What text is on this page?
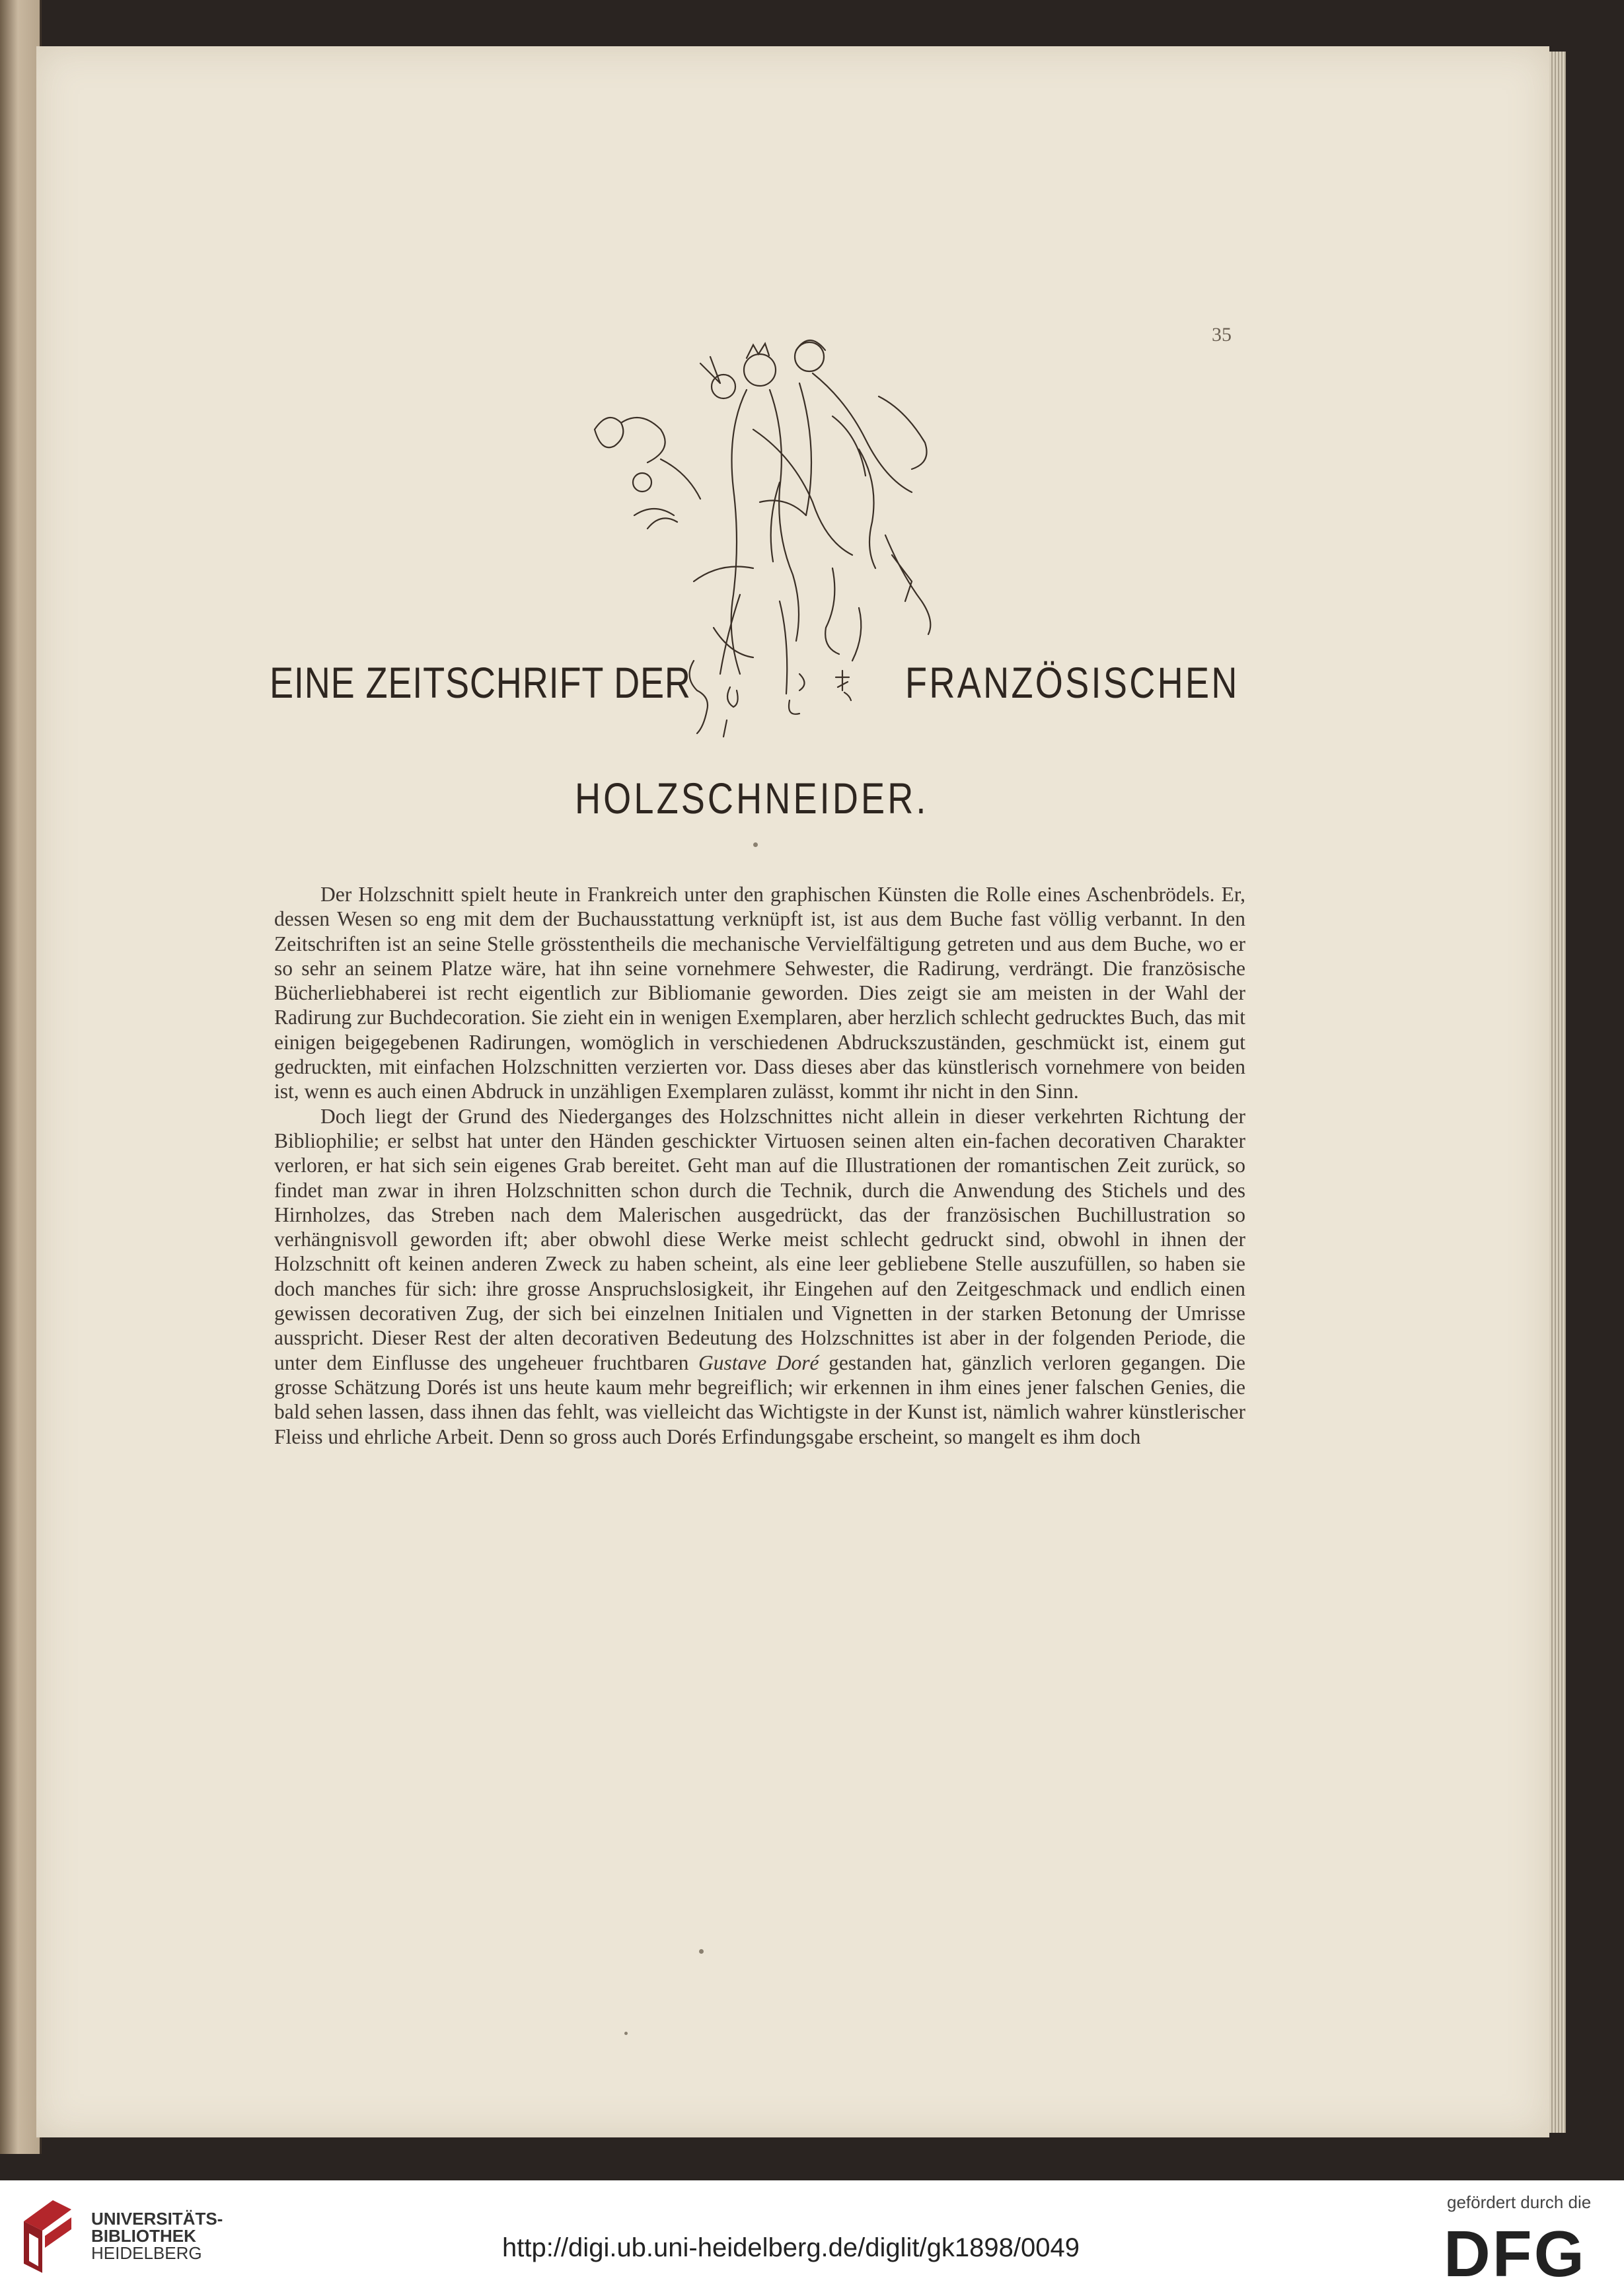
35
EINE ZEITSCHRIFT DER	FRANZÖSISCHEN
HOLZSCHNEIDER.

Der Holzschnitt spielt heute in Frankreich unter den graphischen Künsten die Rolle eines Aschenbrödels. Er, dessen Wesen so eng mit dem der Buchausstattung verknüpft ist, ist aus dem Buche fast völlig verbannt. In den Zeitschriften ist an seine Stelle grösstentheils die mechanische Vervielfältigung getreten und aus dem Buche, wo er so sehr an seinem Platze wäre, hat ihn seine vornehmere Sehwester, die Radirung, verdrängt. Die französische Bücherliebhaberei ist recht eigentlich zur Bibliomanie geworden. Dies zeigt sie am meisten in der Wahl der Radirung zur Buchdecoration. Sie zieht ein in wenigen Exemplaren, aber herzlich schlecht gedrucktes Buch, das mit einigen beigegebenen Radirungen, womöglich in verschiedenen Abdruckszuständen, geschmückt ist, einem gut gedruckten, mit einfachen Holzschnitten verzierten vor. Dass dieses aber das künstlerisch vornehmere von beiden ist, wenn es auch einen Abdruck in unzähligen Exemplaren zulässt, kommt ihr nicht in den Sinn.

Doch liegt der Grund des Niederganges des Holzschnittes nicht allein in dieser verkehrten Richtung der Bibliophilie; er selbst hat unter den Händen geschickter Virtuosen seinen alten ein-fachen decorativen Charakter verloren, er hat sich sein eigenes Grab bereitet. Geht man auf die Illustrationen der romantischen Zeit zurück, so findet man zwar in ihren Holzschnitten schon durch die Technik, durch die Anwendung des Stichels und des Hirnholzes, das Streben nach dem Malerischen ausgedrückt, das der französischen Buchillustration so verhängnisvoll geworden ift; aber obwohl diese Werke meist schlecht gedruckt sind, obwohl in ihnen der Holzschnitt oft keinen anderen Zweck zu haben scheint, als eine leer gebliebene Stelle auszufüllen, so haben sie doch manches für sich: ihre grosse Anspruchslosigkeit, ihr Eingehen auf den Zeitgeschmack und endlich einen gewissen decorativen Zug, der sich bei einzelnen Initialen und Vignetten in der starken Betonung der Umrisse ausspricht. Dieser Rest der alten decorativen Bedeutung des Holzschnittes ist aber in der folgenden Periode, die unter dem Einflusse des ungeheuer fruchtbaren Gustave Doré gestanden hat, gänzlich verloren gegangen. Die grosse Schätzung Dorés ist uns heute kaum mehr begreiflich; wir erkennen in ihm eines jener falschen Genies, die bald sehen lassen, dass ihnen das fehlt, was vielleicht das Wichtigste in der Kunst ist, nämlich wahrer künstlerischer Fleiss und ehrliche Arbeit. Denn so gross auch Dorés Erfindungsgabe erscheint, so mangelt es ihm doch

UNIVERSITÄTS-
BIBLIOTHEK
HEIDELBERG	http://digi.ub.uni-heidelberg.de/diglit/gk1898/0049
gefördert durch die
DFG
